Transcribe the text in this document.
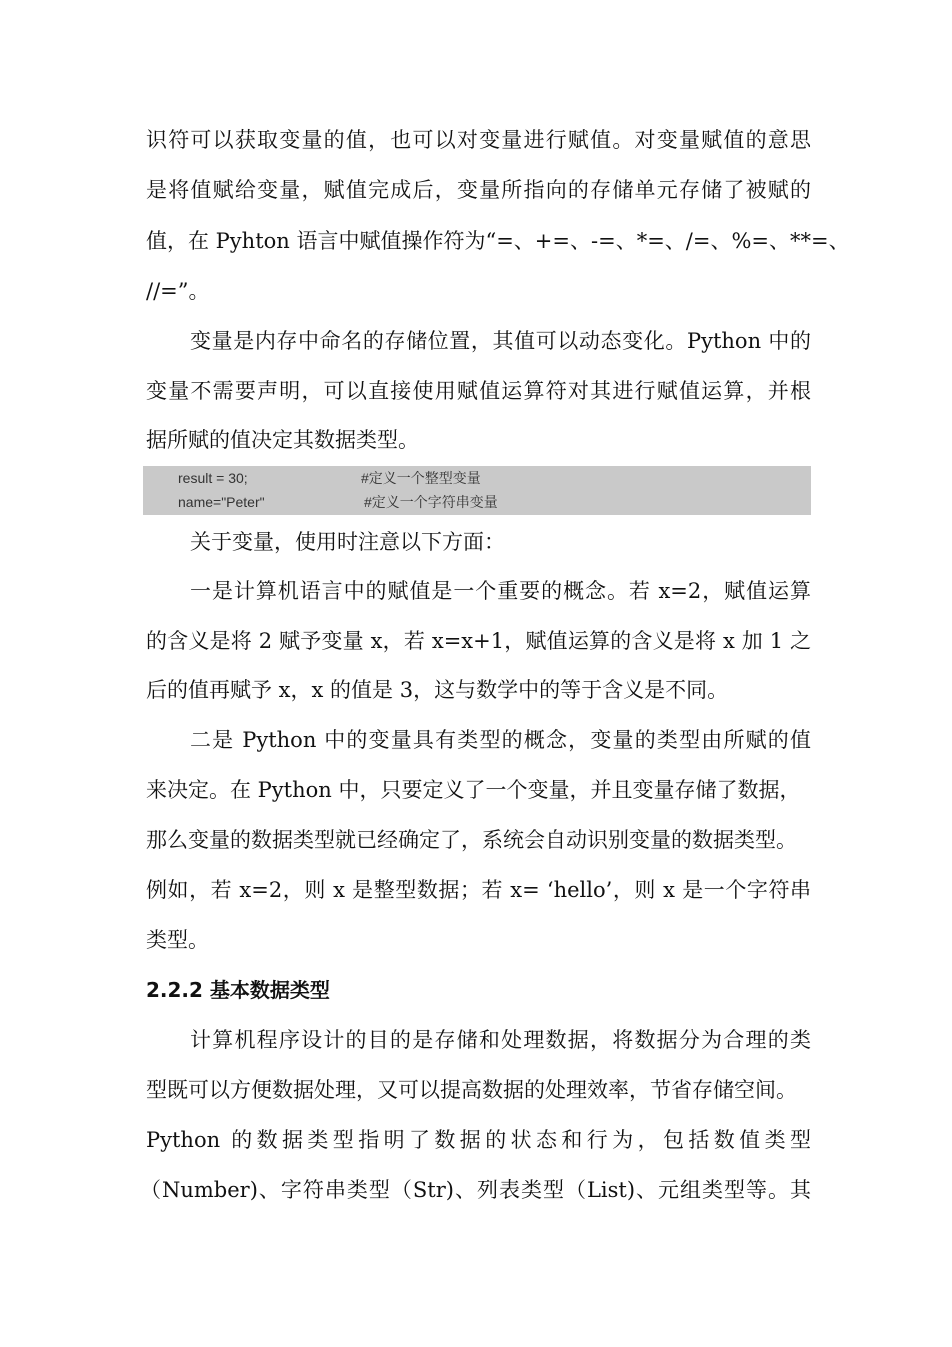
识符可以获取变量的值，也可以对变量进行赋值。对变量赋值的意思
是将值赋给变量，赋值完成后，变量所指向的存储单元存储了被赋的
值，在 Pyhton 语言中赋值操作符为“=、+=、-=、*=、/=、%=、**=、
//=”。
变量是内存中命名的存储位置，其值可以动态变化。Python 中的
变量不需要声明，可以直接使用赋值运算符对其进行赋值运算，并根
据所赋的值决定其数据类型。
result = 30;	#定义一个整型变量
name="Peter"	#定义一个字符串变量
关于变量，使用时注意以下方面：
一是计算机语言中的赋值是一个重要的概念。若 x=2，赋值运算
的含义是将 2 赋予变量 x，若 x=x+1，赋值运算的含义是将 x 加 1 之
后的值再赋予 x，x 的值是 3，这与数学中的等于含义是不同。
二是 Python 中的变量具有类型的概念，变量的类型由所赋的值
来决定。在 Python 中，只要定义了一个变量，并且变量存储了数据，
那么变量的数据类型就已经确定了，系统会自动识别变量的数据类型。
例如，若 x=2，则 x 是整型数据；若 x= ‘hello’，则 x 是一个字符串
类型。
2.2.2 基本数据类型
计算机程序设计的目的是存储和处理数据，将数据分为合理的类
型既可以方便数据处理，又可以提高数据的处理效率，节省存储空间。
Python 的数据类型指明了数据的状态和行为，包括数值类型
（Number)、字符串类型（Str)、列表类型（List)、元组类型等。其
